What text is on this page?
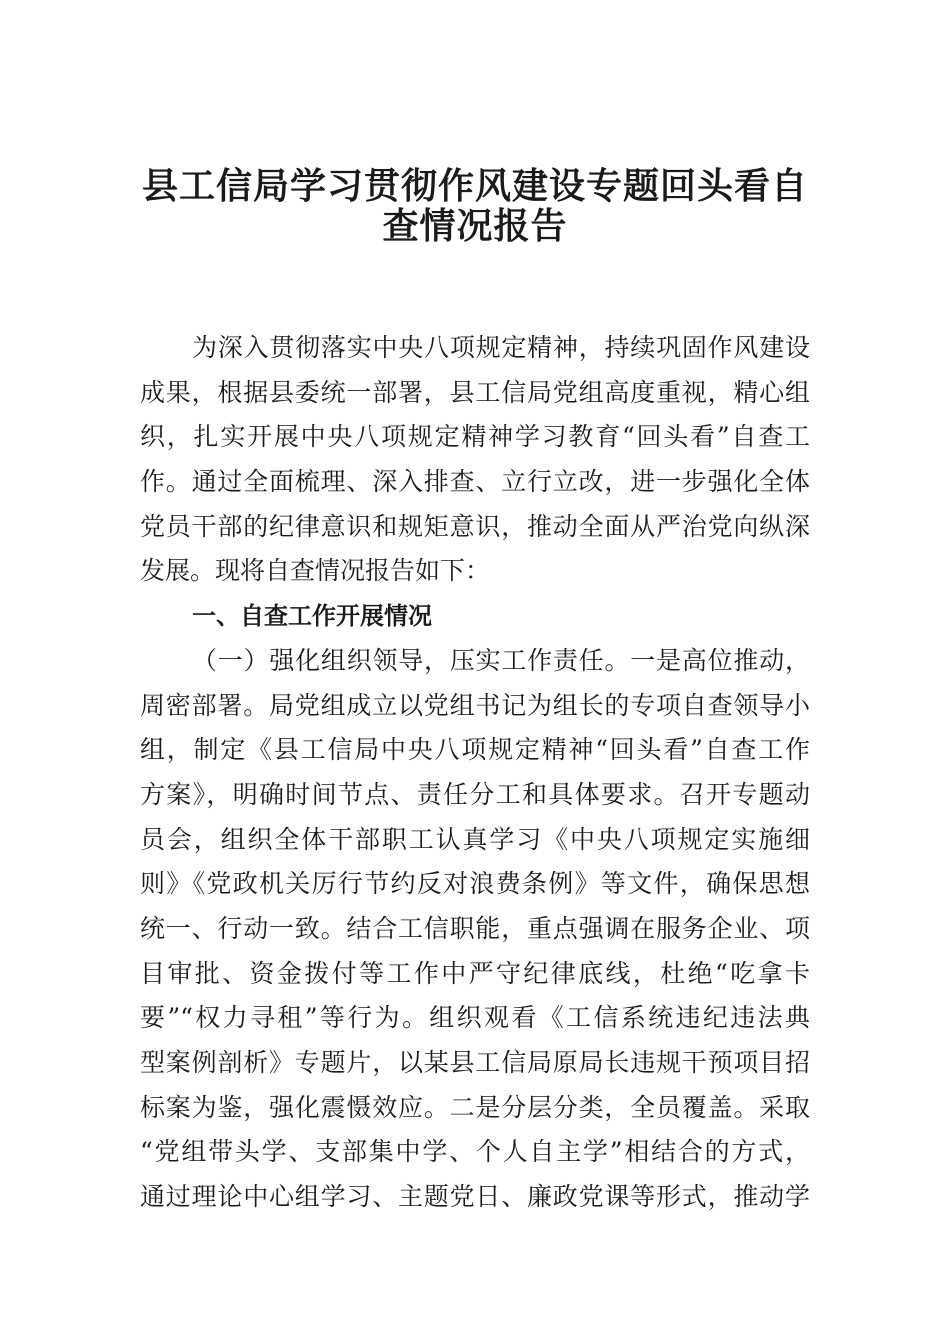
县工信局学习贯彻作风建设专题回头看自
查情况报告
为深入贯彻落实中央八项规定精神，持续巩固作风建设
成果，根据县委统一部署，县工信局党组高度重视，精心组
织，扎实开展中央八项规定精神学习教育“回头看”自查工
作。通过全面梳理、深入排查、立行立改，进一步强化全体
党员干部的纪律意识和规矩意识，推动全面从严治党向纵深
发展。现将自查情况报告如下：
一、自查工作开展情况
（一）强化组织领导，压实工作责任。一是高位推动，
周密部署。局党组成立以党组书记为组长的专项自查领导小
组，制定《县工信局中央八项规定精神“回头看”自查工作
方案》，明确时间节点、责任分工和具体要求。召开专题动
员会，组织全体干部职工认真学习《中央八项规定实施细
则》《党政机关厉行节约反对浪费条例》等文件，确保思想
统一、行动一致。结合工信职能，重点强调在服务企业、项
目审批、资金拨付等工作中严守纪律底线，杜绝“吃拿卡
要”“权力寻租”等行为。组织观看《工信系统违纪违法典
型案例剖析》专题片，以某县工信局原局长违规干预项目招
标案为鉴，强化震慑效应。二是分层分类，全员覆盖。采取
“党组带头学、支部集中学、个人自主学”相结合的方式，
通过理论中心组学习、主题党日、廉政党课等形式，推动学
